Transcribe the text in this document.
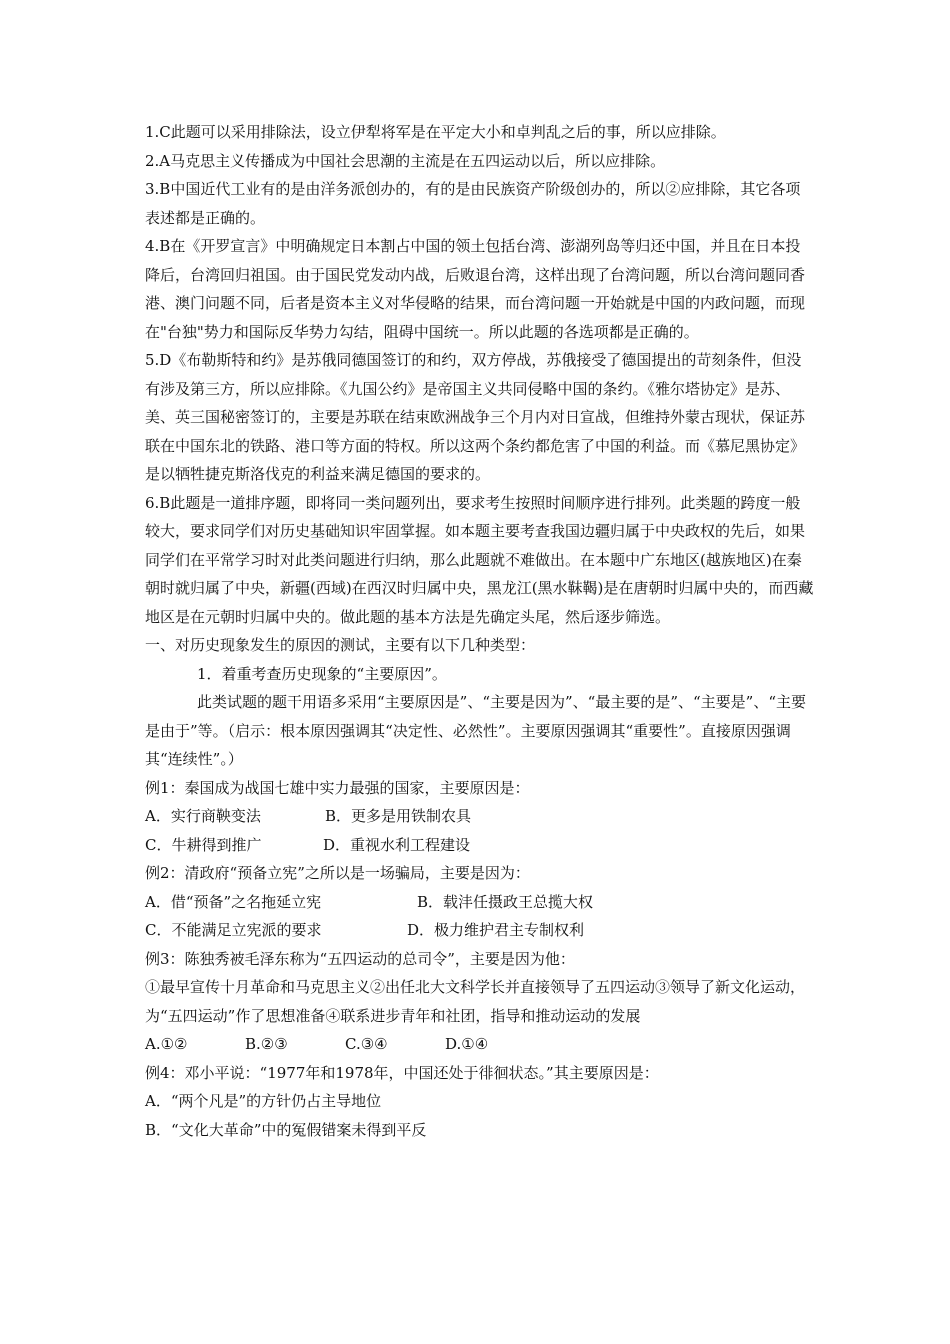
1.C此题可以采用排除法，设立伊犁将军是在平定大小和卓判乱之后的事，所以应排除。

2.A马克思主义传播成为中国社会思潮的主流是在五四运动以后，所以应排除。

3.B中国近代工业有的是由洋务派创办的，有的是由民族资产阶级创办的，所以②应排除，其它各项表述都是正确的。

4.B在《开罗宣言》中明确规定日本割占中国的领土包括台湾、澎湖列岛等归还中国，并且在日本投降后，台湾回归祖国。由于国民党发动内战，后败退台湾，这样出现了台湾问题，所以台湾问题同香港、澳门问题不同，后者是资本主义对华侵略的结果，而台湾问题一开始就是中国的内政问题，而现在"台独"势力和国际反华势力勾结，阻碍中国统一。所以此题的各选项都是正确的。

5.D《布勒斯特和约》是苏俄同德国签订的和约，双方停战，苏俄接受了德国提出的苛刻条件，但没有涉及第三方，所以应排除。《九国公约》是帝国主义共同侵略中国的条约。《雅尔塔协定》是苏、美、英三国秘密签订的，主要是苏联在结束欧洲战争三个月内对日宣战，但维持外蒙古现状，保证苏联在中国东北的铁路、港口等方面的特权。所以这两个条约都危害了中国的利益。而《慕尼黑协定》是以牺牲捷克斯洛伐克的利益来满足德国的要求的。

6.B此题是一道排序题，即将同一类问题列出，要求考生按照时间顺序进行排列。此类题的跨度一般较大，要求同学们对历史基础知识牢固掌握。如本题主要考查我国边疆归属于中央政权的先后，如果同学们在平常学习时对此类问题进行归纳，那么此题就不难做出。在本题中广东地区(越族地区)在秦朝时就归属了中央，新疆(西域)在西汉时归属中央，黑龙江(黑水靺鞨)是在唐朝时归属中央的，而西藏地区是在元朝时归属中央的。做此题的基本方法是先确定头尾，然后逐步筛选。

一、对历史现象发生的原因的测试，主要有以下几种类型：

1．着重考查历史现象的“主要原因”。

此类试题的题干用语多采用“主要原因是”、“主要是因为”、“最主要的是”、“主要是”、“主要是由于”等。（启示：根本原因强调其“决定性、必然性”。主要原因强调其“重要性”。直接原因强调其“连续性”。）

例1：秦国成为战国七雄中实力最强的国家，主要原因是：

A．实行商鞅变法	B．更多是用铁制农具
C．牛耕得到推广	D．重视水利工程建设

例2：清政府“预备立宪”之所以是一场骗局，主要是因为：

A．借“预备”之名拖延立宪	B．载沣任摄政王总揽大权
C．不能满足立宪派的要求	D．极力维护君主专制权利

例3：陈独秀被毛泽东称为“五四运动的总司令”，主要是因为他：

①最早宣传十月革命和马克思主义②出任北大文科学长并直接领导了五四运动③领导了新文化运动，为“五四运动”作了思想准备④联系进步青年和社团，指导和推动运动的发展

A.①②	B.②③	C.③④	D.①④

例4：邓小平说：“1977年和1978年，中国还处于徘徊状态。”其主要原因是：

A．“两个凡是”的方针仍占主导地位

B．“文化大革命”中的冤假错案未得到平反
